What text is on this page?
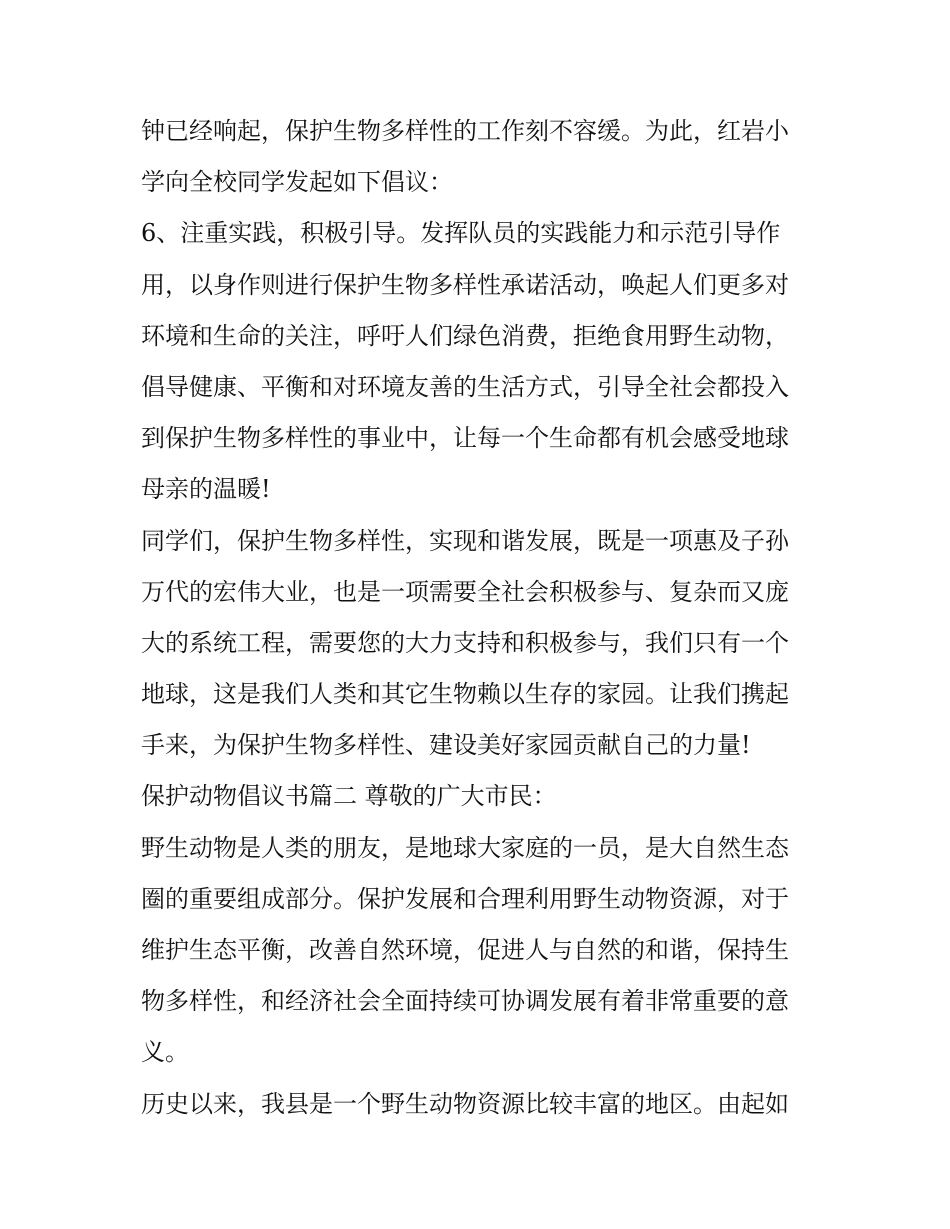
钟已经响起，保护生物多样性的工作刻不容缓。为此，红岩小
学向全校同学发起如下倡议：
6、注重实践，积极引导。发挥队员的实践能力和示范引导作
用，以身作则进行保护生物多样性承诺活动，唤起人们更多对
环境和生命的关注，呼吁人们绿色消费，拒绝食用野生动物，
倡导健康、平衡和对环境友善的生活方式，引导全社会都投入
到保护生物多样性的事业中，让每一个生命都有机会感受地球
母亲的温暖!
同学们，保护生物多样性，实现和谐发展，既是一项惠及子孙
万代的宏伟大业，也是一项需要全社会积极参与、复杂而又庞
大的系统工程，需要您的大力支持和积极参与，我们只有一个
地球，这是我们人类和其它生物赖以生存的家园。让我们携起
手来，为保护生物多样性、建设美好家园贡献自己的力量!
保护动物倡议书篇二 尊敬的广大市民：
野生动物是人类的朋友，是地球大家庭的一员，是大自然生态
圈的重要组成部分。保护发展和合理利用野生动物资源，对于
维护生态平衡，改善自然环境，促进人与自然的和谐，保持生
物多样性，和经济社会全面持续可协调发展有着非常重要的意
义。
历史以来，我县是一个野生动物资源比较丰富的地区。由起如
